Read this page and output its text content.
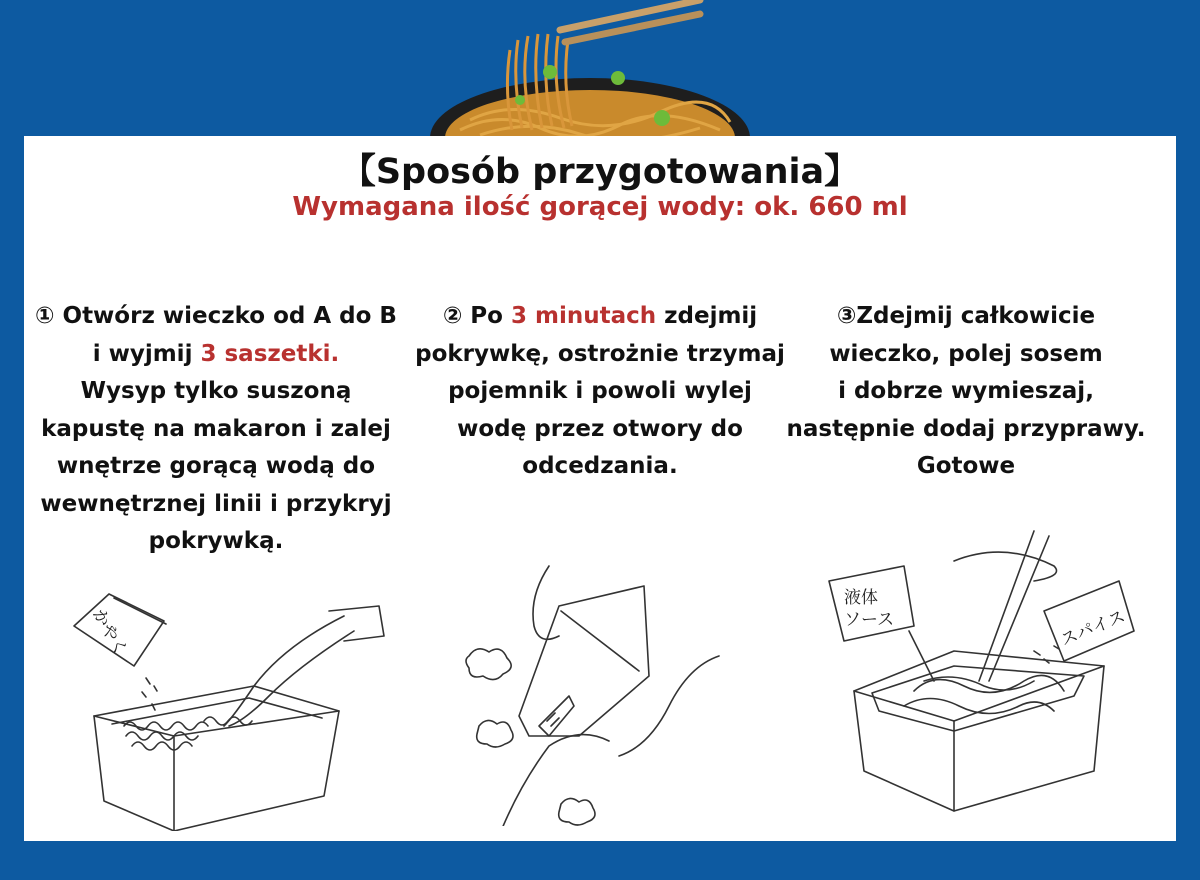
【Sposób przygotowania】
Wymagana ilość gorącej wody: ok. 660 ml
① Otwórz wieczko od A do B
i wyjmij 3 saszetki.
Wysyp tylko suszoną
kapustę na makaron i zalej
wnętrze gorącą wodą do
wewnętrznej linii i przykryj
pokrywką.
② Po 3 minutach zdejmij
pokrywkę, ostrożnie trzymaj
pojemnik i powoli wylej
wodę przez otwory do
odcedzania.
③Zdejmij całkowicie
wieczko, polej sosem
i dobrze wymieszaj,
następnie dodaj przyprawy.
Gotowe
かやく
液体
ソース	スパイス
